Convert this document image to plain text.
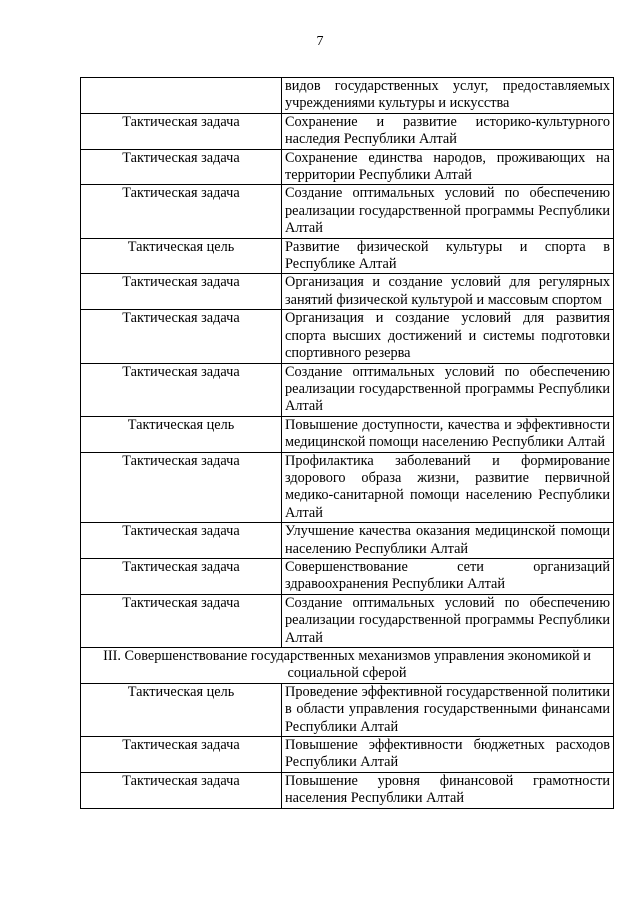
7
	видов государственных услуг, предоставляемых учреждениями культуры и искусства
Тактическая задача	Сохранение и развитие историко-культурного наследия Республики Алтай
Тактическая задача	Сохранение единства народов, проживающих на территории Республики Алтай
Тактическая задача	Создание оптимальных условий по обеспечению реализации государственной программы Республики Алтай
Тактическая цель	Развитие физической культуры и спорта в Республике Алтай
Тактическая задача	Организация и создание условий для регулярных занятий физической культурой и массовым спортом
Тактическая задача	Организация и создание условий для развития спорта высших достижений и системы подготовки спортивного резерва
Тактическая задача	Создание оптимальных условий по обеспечению реализации государственной программы Республики Алтай
Тактическая цель	Повышение доступности, качества и эффективности медицинской помощи населению Республики Алтай
Тактическая задача	Профилактика заболеваний и формирование здорового образа жизни, развитие первичной медико-санитарной помощи населению Республики Алтай
Тактическая задача	Улучшение качества оказания медицинской помощи населению Республики Алтай
Тактическая задача	Совершенствование сети организаций здравоохранения Республики Алтай
Тактическая задача	Создание оптимальных условий по обеспечению реализации государственной программы Республики Алтай
III. Совершенствование государственных механизмов управления экономикой и социальной сферой	
Тактическая цель	Проведение эффективной государственной политики в области управления государственными финансами Республики Алтай
Тактическая задача	Повышение эффективности бюджетных расходов Республики Алтай
Тактическая задача	Повышение уровня финансовой грамотности населения Республики Алтай
